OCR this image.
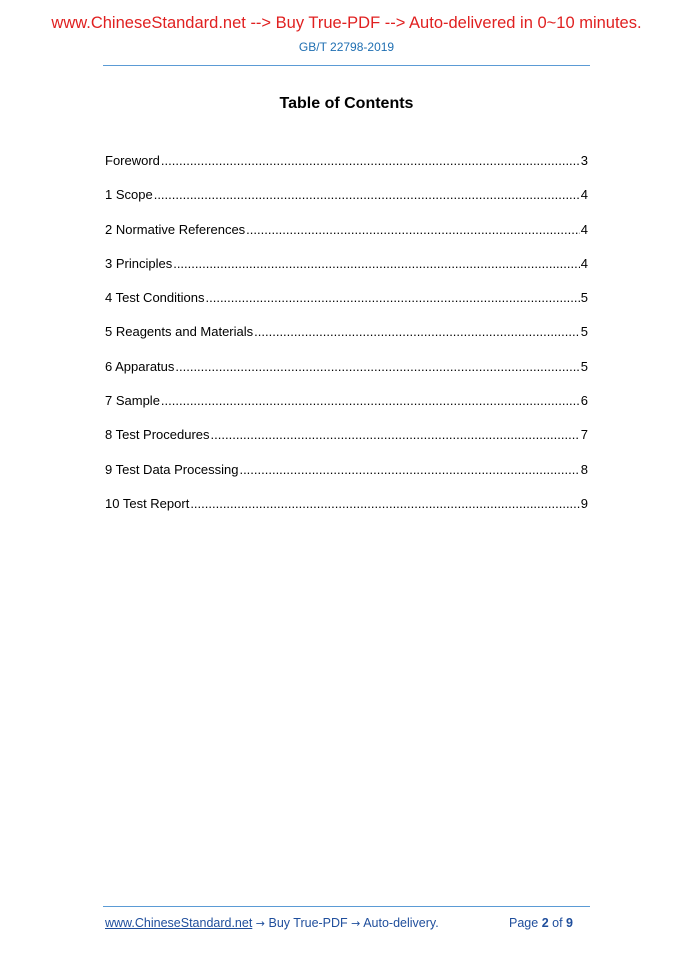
www.ChineseStandard.net --> Buy True-PDF --> Auto-delivered in 0~10 minutes.
GB/T 22798-2019
Table of Contents
Foreword .....	3
1 Scope .....	4
2 Normative References .....	4
3 Principles .....	4
4 Test Conditions .....	5
5 Reagents and Materials .....	5
6 Apparatus .....	5
7 Sample .....	6
8 Test Procedures .....	7
9 Test Data Processing .....	8
10 Test Report .....	9
www.ChineseStandard.net → Buy True-PDF → Auto-delivery.	Page 2 of 9
